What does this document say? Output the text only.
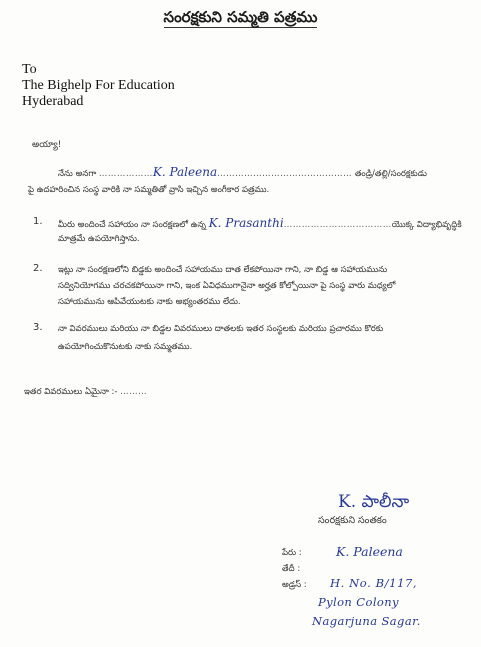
సంరక్షకుని సమ్మతి పత్రము
To
The Bighelp For Education
Hyderabad
అయ్యా!
నేను అనగా ………………K. Paleena……………………………………… తండ్రి/తల్లి/సంరక్షకుడు
పై ఉదహరించిన సంస్థ వారికి నా సమ్మతితో వ్రాసి ఇచ్చిన అంగీకార పత్రము.
1. మీరు అందించే సహాయం నా సంరక్షణలో ఉన్న K. Prasanthi………………………………యొక్క విద్యాభివృద్ధికి
మాత్రమే ఉపయోగిస్తాను.
2. ఇట్లు నా సంరక్షణలోని బిడ్డకు అందించే సహాయము దాత లేకపోయినా గాని, నా బిడ్డ ఆ సహాయమును
సద్వినియోగము చరచకపోయినా గాని, ఇంక ఏవిధముగానైనా అర్హత కోల్పోయినా పై సంస్థ వారు మధ్యలో
సహాయమును ఆపివేయుటకు నాకు అభ్యంతరము లేదు.
3. నా వివరములు మరియు నా బిడ్డల వివరములు దాతలకు ఇతర సంస్థలకు మరియు ప్రచారము కొరకు
ఉపయోగించుకొనుటకు నాకు సమ్మతము.
ఇతర వివరములు ఏమైనా :- ………
K. పాలీనా
సంరక్షకుని సంతకం
పేరు :	K. Paleena
తేదీ :
అడ్రస్ : H. No. B/117,
Pylon Colony
Nagarjuna Sagar.
